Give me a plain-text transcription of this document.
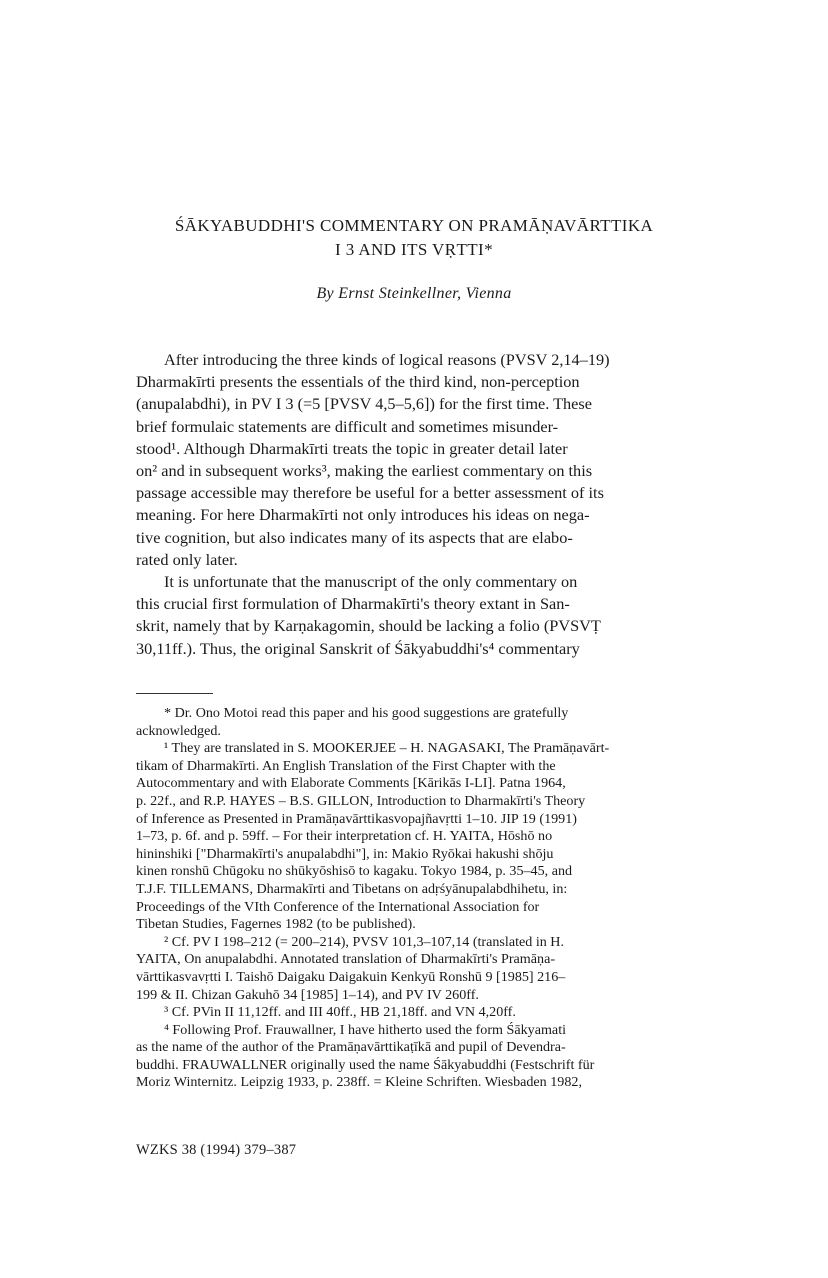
ŚĀKYABUDDHI'S COMMENTARY ON PRAMĀṆAVĀRTTIKA
I 3 AND ITS VṚTTI*
By Ernst Steinkellner, Vienna

After introducing the three kinds of logical reasons (PVSV 2,14–19)
Dharmakīrti presents the essentials of the third kind, non-perception
(anupalabdhi), in PV I 3 (=5 [PVSV 4,5–5,6]) for the first time. These
brief formulaic statements are difficult and sometimes misunder-
stood¹. Although Dharmakīrti treats the topic in greater detail later
on² and in subsequent works³, making the earliest commentary on this
passage accessible may therefore be useful for a better assessment of its
meaning. For here Dharmakīrti not only introduces his ideas on nega-
tive cognition, but also indicates many of its aspects that are elabo-
rated only later.

It is unfortunate that the manuscript of the only commentary on
this crucial first formulation of Dharmakīrti's theory extant in San-
skrit, namely that by Karṇakagomin, should be lacking a folio (PVSVṬ
30,11ff.). Thus, the original Sanskrit of Śākyabuddhi's⁴ commentary

* Dr. Ono Motoi read this paper and his good suggestions are gratefully
acknowledged.

¹ They are translated in S. MOOKERJEE – H. NAGASAKI, The Pramāṇavārt-
tikam of Dharmakīrti. An English Translation of the First Chapter with the
Autocommentary and with Elaborate Comments [Kārikās I-LI]. Patna 1964,
p. 22f., and R.P. HAYES – B.S. GILLON, Introduction to Dharmakīrti's Theory
of Inference as Presented in Pramāṇavārttikasvopajñavṛtti 1–10. JIP 19 (1991)
1–73, p. 6f. and p. 59ff. – For their interpretation cf. H. YAITA, Hōshō no
hininshiki ["Dharmakīrti's anupalabdhi"], in: Makio Ryōkai hakushi shōju
kinen ronshū Chūgoku no shūkyōshisō to kagaku. Tokyo 1984, p. 35–45, and
T.J.F. TILLEMANS, Dharmakīrti and Tibetans on adṛśyānupalabdhihetu, in:
Proceedings of the VIth Conference of the International Association for
Tibetan Studies, Fagernes 1982 (to be published).

² Cf. PV I 198–212 (= 200–214), PVSV 101,3–107,14 (translated in H.
YAITA, On anupalabdhi. Annotated translation of Dharmakīrti's Pramāṇa-
vārttikasvavṛtti I. Taishō Daigaku Daigakuin Kenkyū Ronshū 9 [1985] 216–
199 & II. Chizan Gakuhō 34 [1985] 1–14), and PV IV 260ff.

³ Cf. PVin II 11,12ff. and III 40ff., HB 21,18ff. and VN 4,20ff.

⁴ Following Prof. Frauwallner, I have hitherto used the form Śākyamati
as the name of the author of the Pramāṇavārttikaṭīkā and pupil of Devendra-
buddhi. FRAUWALLNER originally used the name Śākyabuddhi (Festschrift für
Moriz Winternitz. Leipzig 1933, p. 238ff. = Kleine Schriften. Wiesbaden 1982,

WZKS 38 (1994) 379–387
